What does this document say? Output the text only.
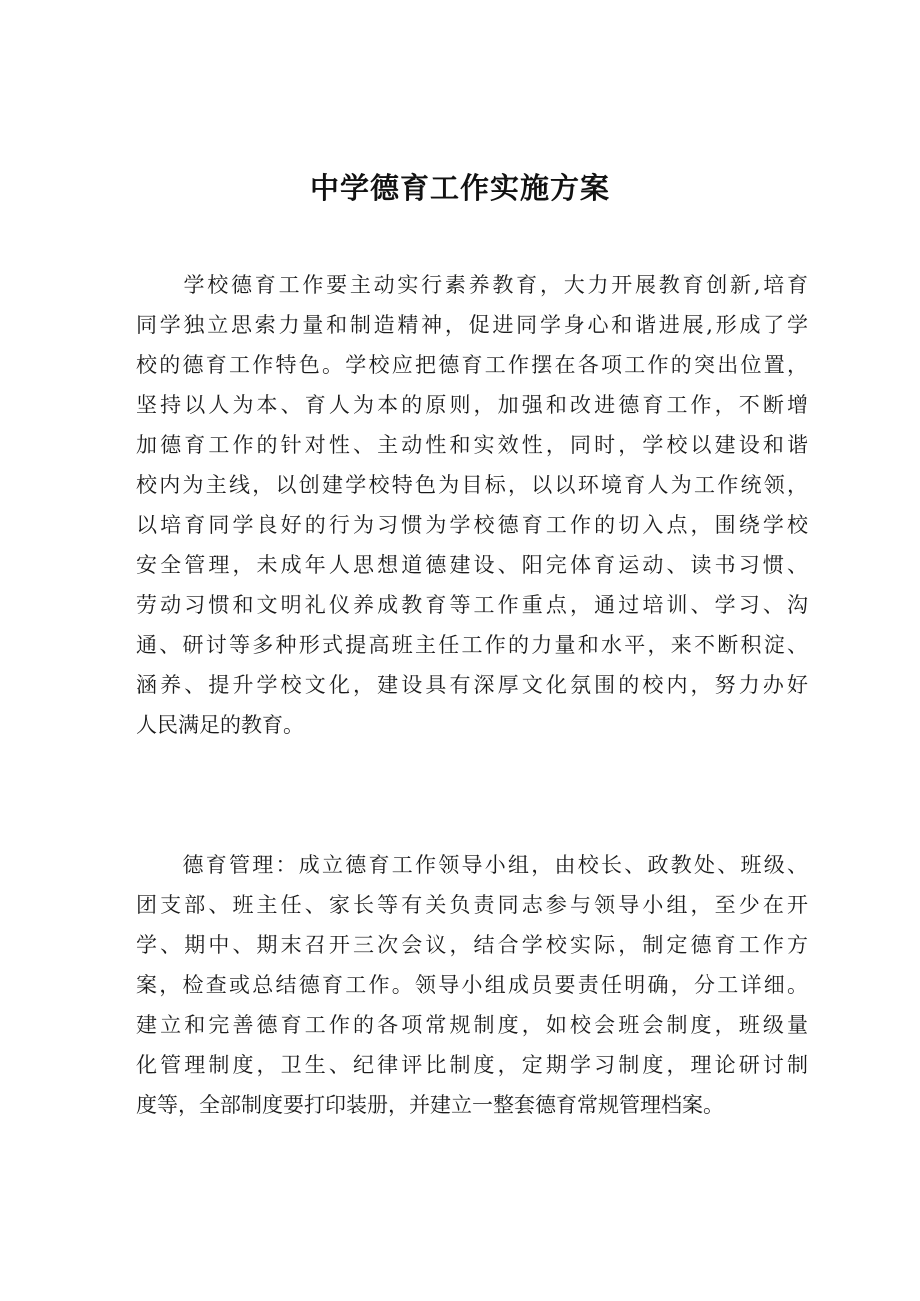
中学德育工作实施方案
　　学校德育工作要主动实行素养教育，大力开展教育创新,培育
同学独立思索力量和制造精神，促进同学身心和谐进展,形成了学
校的德育工作特色。学校应把德育工作摆在各项工作的突出位置，
坚持以人为本、育人为本的原则，加强和改进德育工作，不断增
加德育工作的针对性、主动性和实效性，同时，学校以建设和谐
校内为主线，以创建学校特色为目标，以以环境育人为工作统领，
以培育同学良好的行为习惯为学校德育工作的切入点，围绕学校
安全管理，未成年人思想道德建设、阳完体育运动、读书习惯、
劳动习惯和文明礼仪养成教育等工作重点，通过培训、学习、沟
通、研讨等多种形式提高班主任工作的力量和水平，来不断积淀、
涵养、提升学校文化，建设具有深厚文化氛围的校内，努力办好
人民满足的教育。
　　德育管理：成立德育工作领导小组，由校长、政教处、班级、
团支部、班主任、家长等有关负责同志参与领导小组，至少在开
学、期中、期末召开三次会议，结合学校实际，制定德育工作方
案，检查或总结德育工作。领导小组成员要责任明确，分工详细。
建立和完善德育工作的各项常规制度，如校会班会制度，班级量
化管理制度，卫生、纪律评比制度，定期学习制度，理论研讨制
度等，全部制度要打印装册，并建立一整套德育常规管理档案。
